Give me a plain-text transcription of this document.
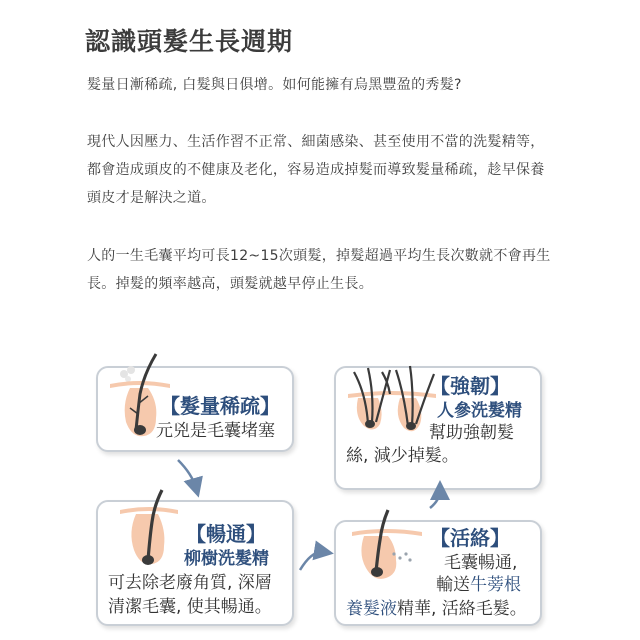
認識頭髮生長週期
髮量日漸稀疏, 白髮與日俱增。如何能擁有烏黑豐盈的秀髮?
現代人因壓力、生活作習不正常、細菌感染、甚至使用不當的洗髮精等，都會造成頭皮的不健康及老化，容易造成掉髮而導致髮量稀疏，趁早保養頭皮才是解決之道。
人的一生毛囊平均可長12~15次頭髮，掉髮超過平均生長次數就不會再生長。掉髮的頻率越高，頭髮就越早停止生長。
【髮量稀疏】
元兇是毛囊堵塞
【強韌】
人參洗髮精
幫助強韌髮
絲, 減少掉髮。
【暢通】
柳樹洗髮精
可去除老廢角質, 深層
清潔毛囊, 使其暢通。
【活絡】
毛囊暢通,
輸送牛蒡根
養髮液精華, 活絡毛髮。
